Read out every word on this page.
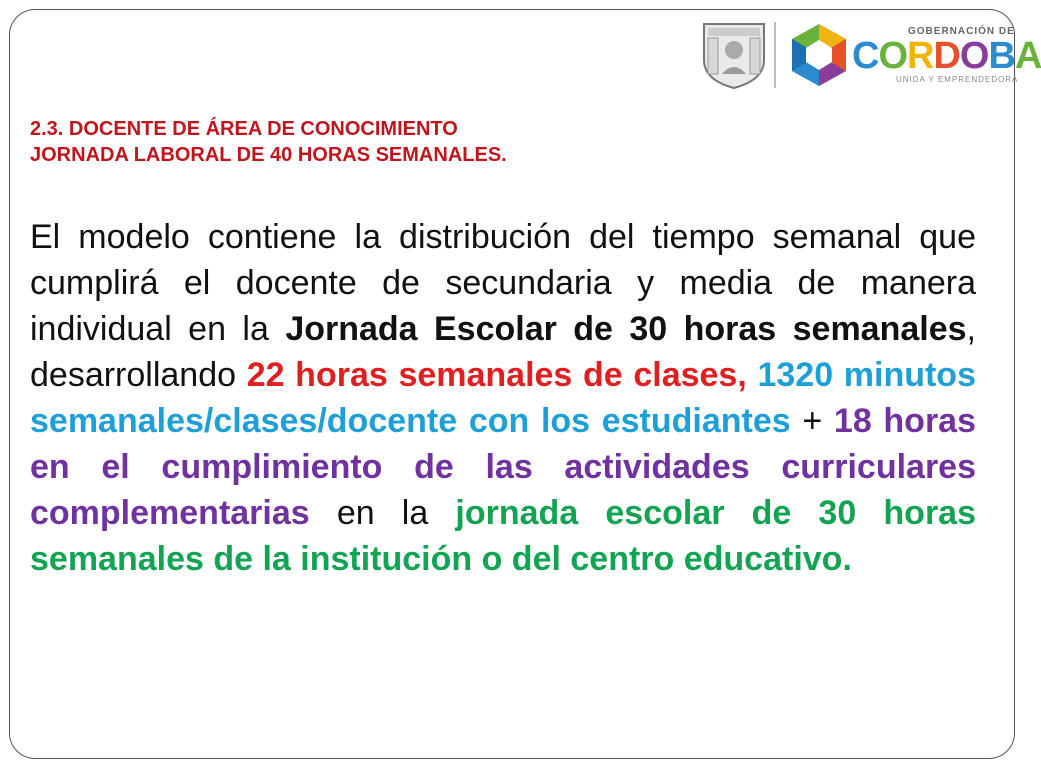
GOBERNACIÓN DE
C O R D O B A
UNIDA Y EMPRENDEDORA
2.3. DOCENTE DE ÁREA DE CONOCIMIENTO
JORNADA LABORAL DE 40 HORAS SEMANALES.
El modelo contiene la distribución del tiempo semanal que cumplirá el docente de secundaria y media de manera individual en la Jornada Escolar de 30 horas semanales, desarrollando 22 horas semanales de clases, 1320 minutos semanales/clases/docente con los estudiantes + 18 horas en el cumplimiento de las actividades curriculares complementarias en la jornada escolar de 30 horas semanales de la institución o del centro educativo.
